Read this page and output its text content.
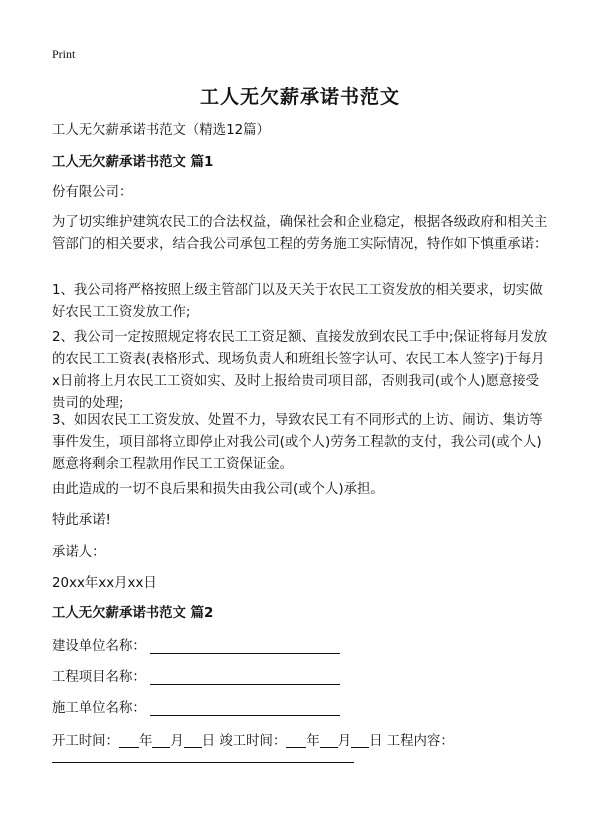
Print
工人无欠薪承诺书范文

工人无欠薪承诺书范文（精选12篇）

工人无欠薪承诺书范文 篇1

份有限公司：

为了切实维护建筑农民工的合法权益，确保社会和企业稳定，根据各级政府和相关主管部门的相关要求，结合我公司承包工程的劳务施工实际情况，特作如下慎重承诺：

1、我公司将严格按照上级主管部门以及天关于农民工工资发放的相关要求，切实做好农民工工资发放工作;

2、我公司一定按照规定将农民工工资足额、直接发放到农民工手中;保证将每月发放的农民工工资表(表格形式、现场负责人和班组长签字认可、农民工本人签字)于每月x日前将上月农民工工资如实、及时上报给贵司项目部，否则我司(或个人)愿意接受贵司的处理;

3、如因农民工工资发放、处置不力，导致农民工有不同形式的上访、闹访、集访等事件发生，项目部将立即停止对我公司(或个人)劳务工程款的支付，我公司(或个人)愿意将剩余工程款用作民工工资保证金。

由此造成的一切不良后果和损失由我公司(或个人)承担。

特此承诺!

承诺人：

20xx年xx月xx日

工人无欠薪承诺书范文 篇2

建设单位名称：
工程项目名称：
施工单位名称：
开工时间： 年 月 日 竣工时间： 年 月 日 工程内容：
